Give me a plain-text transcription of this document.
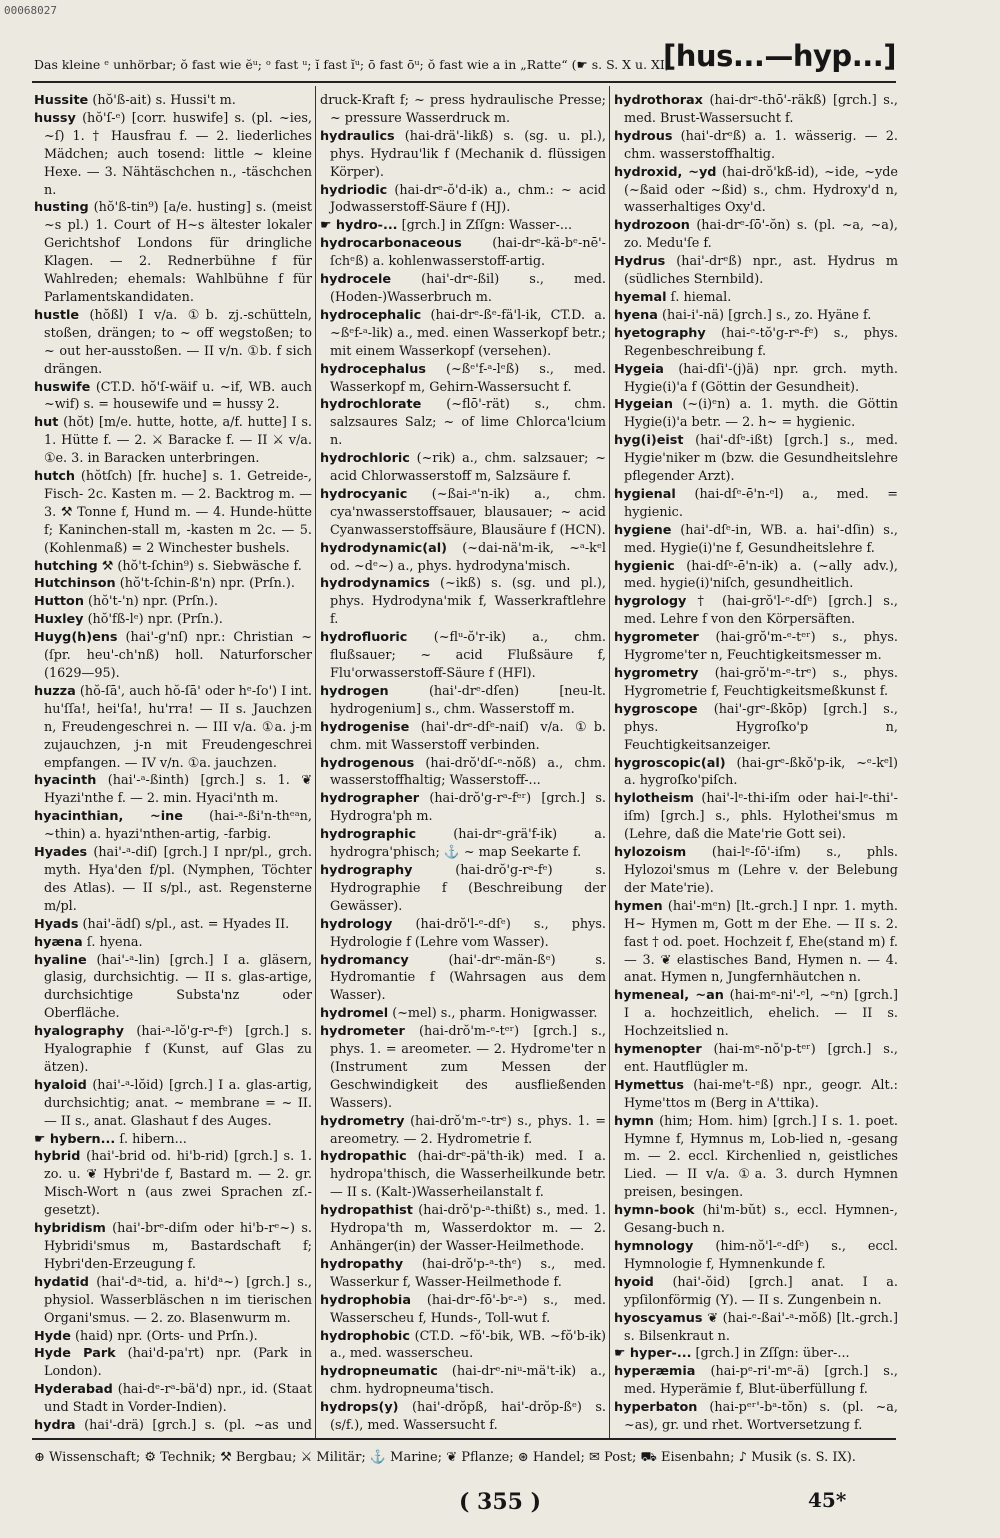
00068027
Das kleine ᵉ unhörbar; ŏ fast wie ĕᵘ; ᵒ fast ᵘ; ĭ fast ĭᵘ; ō fast ōᵘ; ŏ fast wie a in „Ratte“ (☛ s. S. X u. XI).
[hus...—hyp...]

Hussite (hŏ'ß-ait) s. Hussi't m.

hussy (hŏ'ſ-ᵉ) [corr. huswife] s. (pl. ~ies, ~ſ) 1. † Hausfrau f. — 2. liederliches Mädchen; auch tosend: little ~ kleine Hexe. — 3. Nähtäschchen n., -täschchen n.

husting (hŏ'ß-tin⁹) [a/e. husting] s. (meist ~s pl.) 1. Court of H~s ältester lokaler Gerichtshof Londons für dringliche Klagen. — 2. Rednerbühne f für Wahlreden; ehemals: Wahlbühne f für Parlamentskandidaten.

hustle (hŏßl) I v/a. ①b. zj.-schütteln, stoßen, drängen; to ~ off wegstoßen; to ~ out her-ausstoßen. — II v/n. ①b. f sich drängen.

huswife (CT.D. hŏ'ſ-wäif u. ~if, WB. auch ~wif) s. = housewife und = hussy 2.

hut (hŏt) [m/e. hutte, hotte, a/f. hutte] I s. 1. Hütte f. — 2. ⚔ Baracke f. — II ⚔ v/a. ①e. 3. in Baracken unterbringen.

hutch (hŏtſch) [fr. huche] s. 1. Getreide-, Fisch- 2c. Kasten m. — 2. Backtrog m. — 3. ⚒ Tonne f, Hund m. — 4. Hunde-hütte f; Kaninchen-stall m, -kasten m 2c. — 5. (Kohlenmaß) = 2 Winchester bushels.

hutching ⚒ (hŏ't-ſchin⁹) s. Siebwäsche f.

Hutchinson (hŏ't-ſchin-ß'n) npr. (Prſn.).

Hutton (hŏ't-'n) npr. (Prſn.).

Huxley (hŏ'fß-lᵉ) npr. (Prſn.).

Huyg(h)ens (hai'-g'nſ) npr.: Christian ~ (ſpr. heu'-ch'nß) holl. Naturforscher (1629—95).

huzza (hŏ-ſā', auch hŏ-ſā' oder hᵉ-ſo') I int. hu'ſſa!, hei'ſa!, hu'rra! — II s. Jauchzen n, Freudengeschrei n. — III v/a. ①a. j-m zujauchzen, j-n mit Freudengeschrei empfangen. — IV v/n. ①a. jauchzen.

hyacinth (hai'-ᵃ-ßinth) [grch.] s. 1. ❦ Hyazi'nthe f. — 2. min. Hyaci'nth m.

hyacinthian, ~ine (hai-ᵃ-ßi'n-thᵉᵃn, ~thin) a. hyazi'nthen-artig, -farbig.

Hyades (hai'-ᵃ-diſ) [grch.] I npr/pl., grch. myth. Hya'den f/pl. (Nymphen, Töchter des Atlas). — II s/pl., ast. Regensterne m/pl.

Hyads (hai'-ädſ) s/pl., ast. = Hyades II.

hyæna ſ. hyena.

hyaline (hai'-ᵃ-lin) [grch.] I a. gläsern, glasig, durchsichtig. — II s. glas-artige, durchsichtige Substa'nz oder Oberfläche.

hyalography (hai-ᵃ-lŏ'g-rᵃ-fᵉ) [grch.] s. Hyalographie f (Kunst, auf Glas zu ätzen).

hyaloid (hai'-ᵃ-lŏid) [grch.] I a. glas-artig, durchsichtig; anat. ~ membrane = ~ II. — II s., anat. Glashaut f des Auges.

☛ hybern... ſ. hibern...

hybrid (hai'-brid od. hi'b-rid) [grch.] s. 1. zo. u. ❦ Hybri'de f, Bastard m. — 2. gr. Misch-Wort n (aus zwei Sprachen zſ.-gesetzt).

hybridism (hai'-brᵉ-diſm oder hi'b-rᵉ~) s. Hybridi'smus m, Bastardschaft f; Hybri'den-Erzeugung f.

hydatid (hai'-dᵃ-tid, a. hi'dᵃ~) [grch.] s., physiol. Wasserbläschen n im tierischen Organi'smus. — 2. zo. Blasenwurm m.

Hyde (haid) npr. (Orts- und Prſn.).

Hyde Park (hai'd-pa'rt) npr. (Park in London).

Hyderabad (hai-dᵉ-rᵃ-bä'd) npr., id. (Staat und Stadt in Vorder-Indien).

hydra (hai'-drä) [grch.] s. (pl. ~as und

druck-Kraft f; ~ press hydraulische Presse; ~ pressure Wasserdruck m.

hydraulics (hai-drä'-likß) s. (sg. u. pl.), phys. Hydrau'lik f (Mechanik d. flüssigen Körper).

hydriodic (hai-drᵉ-ŏ'd-ik) a., chm.: ~ acid Jodwasserstoff-Säure f (HJ).

☛ hydro-... [grch.] in Zſſgn: Wasser-...

hydrocarbonaceous (hai-drᵉ-kä-bᵉ-nē'-ſchᵉß) a. kohlenwasserstoff-artig.

hydrocele (hai'-drᵉ-ßil) s., med. (Hoden-)Wasserbruch m.

hydrocephalic (hai-drᵉ-ßᵉ-fä'l-ik, CT.D. a. ~ßᵉf-ᵃ-lik) a., med. einen Wasserkopf betr.; mit einem Wasserkopf (versehen).

hydrocephalus (~ßᵉ'f-ᵃ-lᵉß) s., med. Wasserkopf m, Gehirn-Wassersucht f.

hydrochlorate (~flō'-rät) s., chm. salzsaures Salz; ~ of lime Chlorca'lcium n.

hydrochloric (~rik) a., chm. salzsauer; ~ acid Chlorwasserstoff m, Salzsäure f.

hydrocyanic (~ßai-ᵃ'n-ik) a., chm. cya'nwasserstoffsauer, blausauer; ~ acid Cyanwasserstoffsäure, Blausäure f (HCN).

hydrodynamic(al) (~dai-nä'm-ik, ~ᵃ-kᵉl od. ~dᵉ~) a., phys. hydrodyna'misch.

hydrodynamics (~ikß) s. (sg. und pl.), phys. Hydrodyna'mik f, Wasserkraftlehre f.

hydrofluoric (~flᵘ-ŏ'r-ik) a., chm. flußsauer; ~ acid Flußsäure f, Flu'orwasserstoff-Säure f (HFl).

hydrogen	(hai'-drᵉ-dſen) [neu-lt. hydrogenium] s., chm. Wasserstoff m.

hydrogenise (hai'-drᵉ-dſᵉ-naiſ) v/a. ①b. chm. mit Wasserstoff verbinden.

hydrogenous (hai-drŏ'dſ-ᵉ-nŏß) a., chm. wasserstoffhaltig; Wasserstoff-...

hydrographer (hai-drŏ'g-rᵃ-fᵉʳ) [grch.] s. Hydrogra'ph m.

hydrographic	(hai-drᵉ-grä'f-ik) a. hydrogra'phisch; ⚓ ~ map Seekarte f.

hydrography	(hai-drŏ'g-rᵃ-fᵉ) s. Hydrographie f (Beschreibung der Gewässer).

hydrology (hai-drŏ'l-ᵉ-dſᵉ) s., phys. Hydrologie f (Lehre vom Wasser).

hydromancy	(hai'-drᵉ-män-ßᵉ) s. Hydromantie f (Wahrsagen aus dem Wasser).

hydromel (~mel) s., pharm. Honigwasser.

hydrometer (hai-drŏ'm-ᵉ-tᵉʳ) [grch.] s., phys. 1. = areometer. — 2. Hydrome'ter n (Instrument zum Messen der Geschwindigkeit des ausfließenden Wassers).

hydrometry (hai-drŏ'm-ᵉ-trᵉ) s., phys. 1. = areometry. — 2. Hydrometrie f.

hydropathic (hai-drᵉ-pä'th-ik) med. I a. hydropa'thisch, die Wasserheilkunde betr. — II s. (Kalt-)Wasserheilanstalt f.

hydropathist (hai-drŏ'p-ᵃ-thißt) s., med. 1. Hydropa'th m, Wasserdoktor m. — 2. Anhänger(in) der Wasser-Heilmethode.

hydropathy (hai-drŏ'p-ᵃ-thᵉ) s., med. Wasserkur f, Wasser-Heilmethode f.

hydrophobia (hai-drᵉ-fō'-bᵉ-ᵃ) s., med. Wasserscheu f, Hunds-, Toll-wut f.

hydrophobic (CT.D. ~fŏ'-bik, WB. ~fŏ'b-ik) a., med. wasserscheu.

hydropneumatic (hai-drᵉ-niᵘ-mä't-ik) a., chm. hydropneuma'tisch.

hydrops(y) (hai'-drŏpß, hai'-drŏp-ßᵉ) s. (s/f.), med. Wassersucht f.

hydrothorax (hai-drᵉ-thō'-räkß) [grch.] s., med. Brust-Wassersucht f.

hydrous (hai'-drᵉß) a. 1. wässerig. — 2. chm. wasserstoffhaltig.

hydroxid, ~yd (hai-drŏ'kß-id), ~ide, ~yde (~ßaid oder ~ßid) s., chm. Hydroxy'd n, wasserhaltiges Oxy'd.

hydrozoon (hai-drᵉ-ſō'-ŏn) s. (pl. ~a, ~a), zo. Medu'ſe f.

Hydrus (hai'-drᵉß) npr., ast. Hydrus m (südliches Sternbild).

hyemal ſ. hiemal.

hyena (hai-i'-nä) [grch.] s., zo. Hyäne f.

hyetography (hai-ᵉ-tŏ'g-rᵃ-fᵉ) s., phys. Regenbeschreibung f.

Hygeia (hai-dſi'-(j)ä) npr. grch. myth. Hygie(i)'a f (Göttin der Gesundheit).

Hygeian (~(i)ᵉn) a. 1. myth. die Göttin Hygie(i)'a betr. — 2. h~ = hygienic.

hyg(i)eist (hai'-dſᵉ-ißt) [grch.] s., med. Hygie'niker m (bzw. die Gesundheitslehre pflegender Arzt).

hygienal (hai-dſᵉ-ē'n-ᵉl) a., med. = hygienic.

hygiene (hai'-dſᵉ-in, WB. a. hai'-dſin) s., med. Hygie(i)'ne f, Gesundheitslehre f.

hygienic (hai-dſᵉ-ē'n-ik) a. (~ally adv.), med. hygie(i)'niſch, gesundheitlich.

hygrology † (hai-grŏ'l-ᵉ-dſᵉ) [grch.] s., med. Lehre f von den Körpersäften.

hygrometer (hai-grŏ'm-ᵉ-tᵉʳ) s., phys. Hygrome'ter n, Feuchtigkeitsmesser m.

hygrometry (hai-grŏ'm-ᵉ-trᵉ) s., phys. Hygrometrie f, Feuchtigkeitsmeßkunst f.

hygroscope (hai'-grᵉ-ßkōp) [grch.] s., phys. Hygroſko'p n, Feuchtigkeitsanzeiger.

hygroscopic(al) (hai-grᵉ-ßkŏ'p-ik, ~ᵉ-kᵉl) a. hygroſko'piſch.

hylotheism (hai'-lᵉ-thi-iſm oder hai-lᵉ-thi'-iſm) [grch.] s., phls. Hylothei'smus m (Lehre, daß die Mate'rie Gott sei).

hylozoism (hai-lᵉ-ſō'-iſm) s., phls. Hylozoi'smus m (Lehre v. der Belebung der Mate'rie).

hymen (hai'-mᵉn) [lt.-grch.] I npr. 1. myth. H~ Hymen m, Gott m der Ehe. — II s. 2. fast † od. poet. Hochzeit f, Ehe(stand m) f. — 3. ❦ elastisches Band, Hymen n. — 4. anat. Hymen n, Jungfernhäutchen n.

hymeneal, ~an (hai-mᵉ-ni'-ᵉl, ~ᵉn) [grch.] I a. hochzeitlich, ehelich. — II s. Hochzeitslied n.

hymenopter (hai-mᵉ-nŏ'p-tᵉʳ) [grch.] s., ent. Hautflügler m.

Hymettus (hai-me't-ᵉß) npr., geogr. Alt.: Hyme'ttos m (Berg in A'ttika).

hymn (him; Hom. him) [grch.] I s. 1. poet. Hymne f, Hymnus m, Lob-lied n, -gesang m. — 2. eccl. Kirchenlied n, geistliches Lied. — II v/a. ①a. 3. durch Hymnen preisen, besingen.

hymn-book (hi'm-bŭt) s., eccl. Hymnen-, Gesang-buch n.

hymnology (him-nŏ'l-ᵉ-dſᵉ) s., eccl. Hymnologie f, Hymnenkunde f.

hyoid (hai'-ŏid) [grch.] anat. I a. ypſilonförmig (Y). — II s. Zungenbein n.

hyoscyamus ❦ (hai-ᵉ-ßai'-ᵃ-mŏß) [lt.-grch.] s. Bilsenkraut n.

☛ hyper-... [grch.] in Zſſgn: über-...

hyperæmia (hai-pᵉ-ri'-mᵉ-ä) [grch.] s., med. Hyperämie f, Blut-überfüllung f.

hyperbaton (hai-pᵉʳ'-bᵃ-tŏn) s. (pl. ~a, ~as), gr. und rhet. Wortversetzung f.

⊕ Wissenschaft; ⚙ Technik; ⚒ Bergbau; ⚔ Militär; ⚓ Marine; ❦ Pflanze; ⊛ Handel; ✉ Post; ⛟ Eisenbahn; ♪ Musik (s. S. IX).
( 355 )	45*
